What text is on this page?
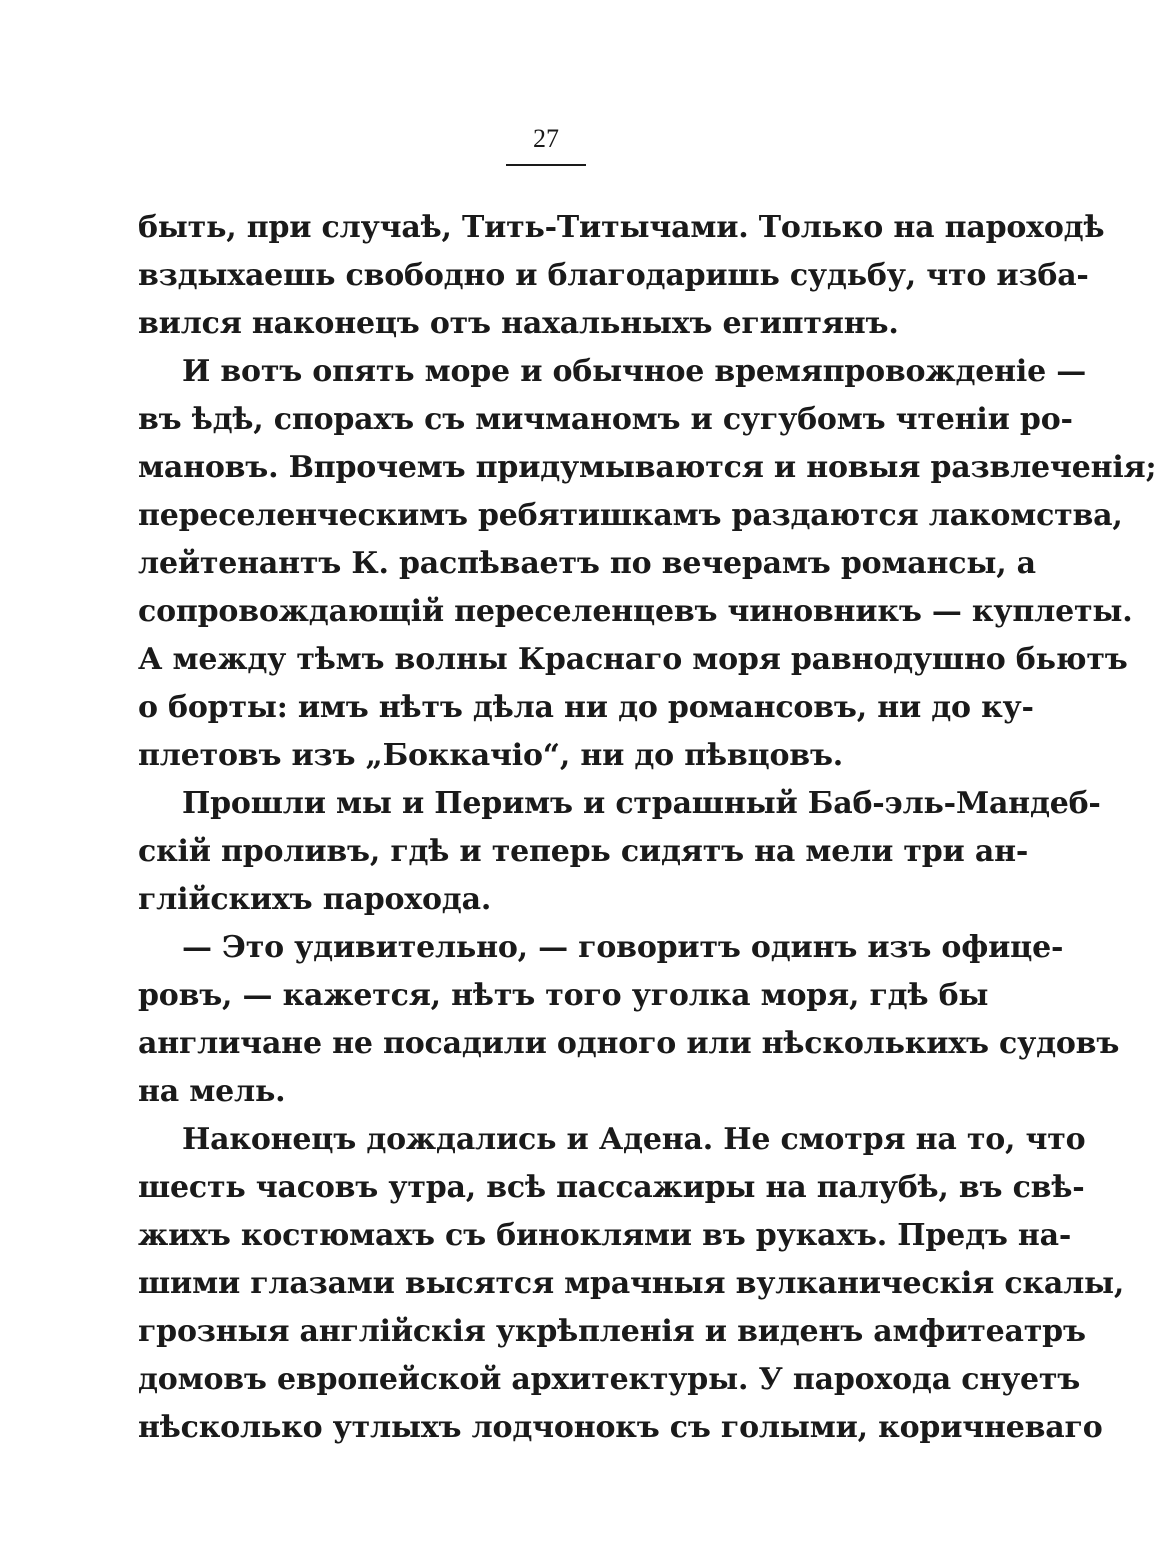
27
быть, при случаѣ, Тить-Титычами. Только на пароходѣ
вздыхаешь свободно и благодаришь судьбу, что изба-
вился наконецъ отъ нахальныхъ египтянъ.
И вотъ опять море и обычное времяпровожденіе —
въ ѣдѣ, спорахъ съ мичманомъ и сугубомъ чтеніи ро-
мановъ. Впрочемъ придумываются и новыя развлеченія;
переселенческимъ ребятишкамъ раздаются лакомства,
лейтенантъ К. распѣваетъ по вечерамъ романсы, а
сопровождающій переселенцевъ чиновникъ — куплеты.
А между тѣмъ волны Краснаго моря равнодушно бьютъ
о борты: имъ нѣтъ дѣла ни до романсовъ, ни до ку-
плетовъ изъ „Боккачіо“, ни до пѣвцовъ.
Прошли мы и Перимъ и страшный Баб-эль-Мандеб-
скій проливъ, гдѣ и теперь сидятъ на мели три ан-
глійскихъ парохода.
— Это удивительно, — говоритъ одинъ изъ офице-
ровъ, — кажется, нѣтъ того уголка моря, гдѣ бы
англичане не посадили одного или нѣсколькихъ судовъ
на мель.
Наконецъ дождались и Адена. Не смотря на то, что
шесть часовъ утра, всѣ пассажиры на палубѣ, въ свѣ-
жихъ костюмахъ съ биноклями въ рукахъ. Предъ на-
шими глазами высятся мрачныя вулканическія скалы,
грозныя англійскія укрѣпленія и виденъ амфитеатръ
домовъ европейской архитектуры. У парохода снуетъ
нѣсколько утлыхъ лодчонокъ съ голыми, коричневаго
